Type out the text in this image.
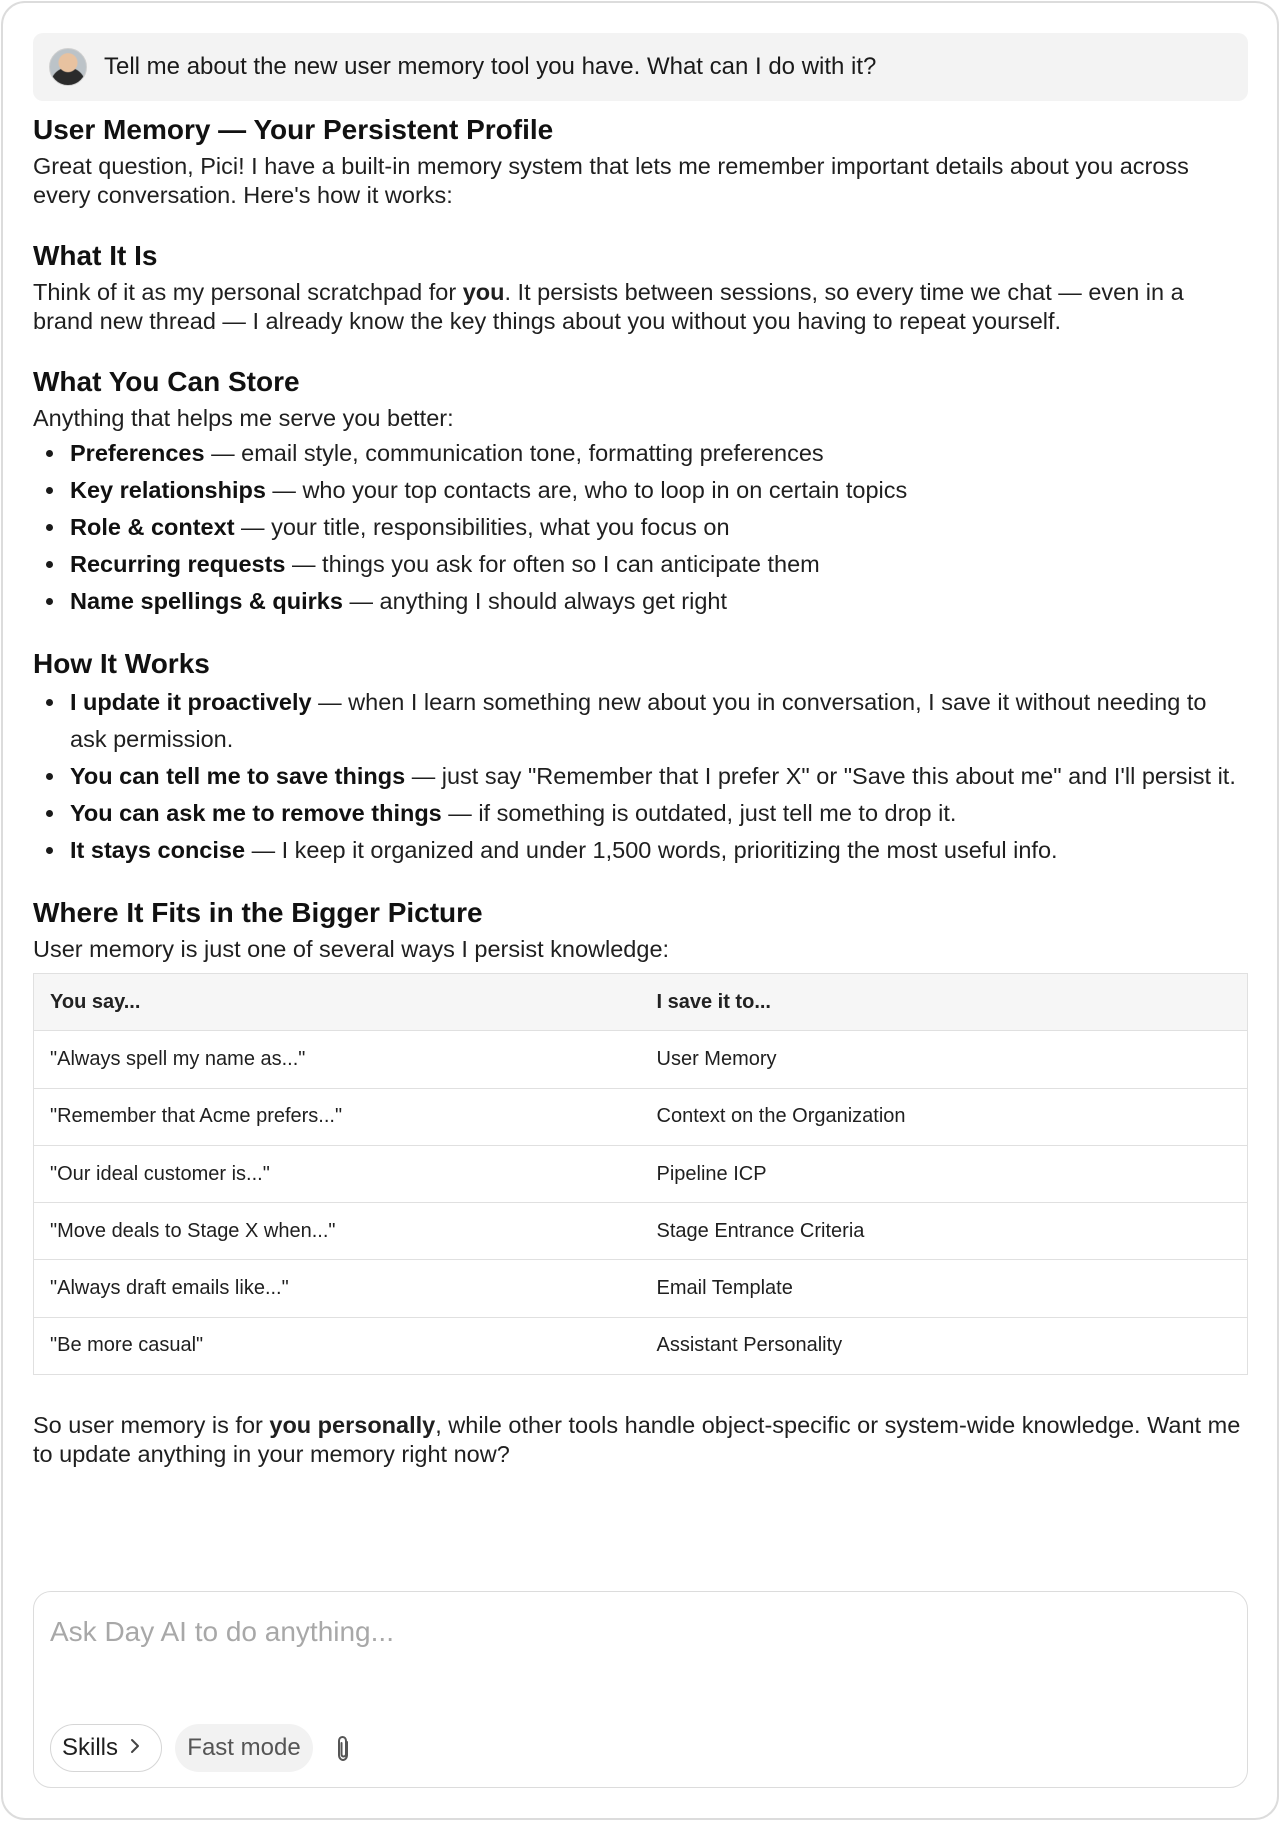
Tell me about the new user memory tool you have. What can I do with it?
User Memory — Your Persistent Profile

Great question, Pici! I have a built-in memory system that lets me remember important details about you across every conversation. Here's how it works:

What It Is

Think of it as my personal scratchpad for you. It persists between sessions, so every time we chat — even in a brand new thread — I already know the key things about you without you having to repeat yourself.

What You Can Store

Anything that helps me serve you better:

Preferences — email style, communication tone, formatting preferences
Key relationships — who your top contacts are, who to loop in on certain topics
Role & context — your title, responsibilities, what you focus on
Recurring requests — things you ask for often so I can anticipate them
Name spellings & quirks — anything I should always get right
How It Works
I update it proactively — when I learn something new about you in conversation, I save it without needing to ask permission.
You can tell me to save things — just say "Remember that I prefer X" or "Save this about me" and I'll persist it.
You can ask me to remove things — if something is outdated, just tell me to drop it.
It stays concise — I keep it organized and under 1,500 words, prioritizing the most useful info.
Where It Fits in the Bigger Picture

User memory is just one of several ways I persist knowledge:

You say...	I save it to...
"Always spell my name as..."	User Memory
"Remember that Acme prefers..."	Context on the Organization
"Our ideal customer is..."	Pipeline ICP
"Move deals to Stage X when..."	Stage Entrance Criteria
"Always draft emails like..."	Email Template
"Be more casual"	Assistant Personality

So user memory is for you personally, while other tools handle object-specific or system-wide knowledge. Want me to update anything in your memory right now?

Ask Day AI to do anything...
Skills	Fast mode
